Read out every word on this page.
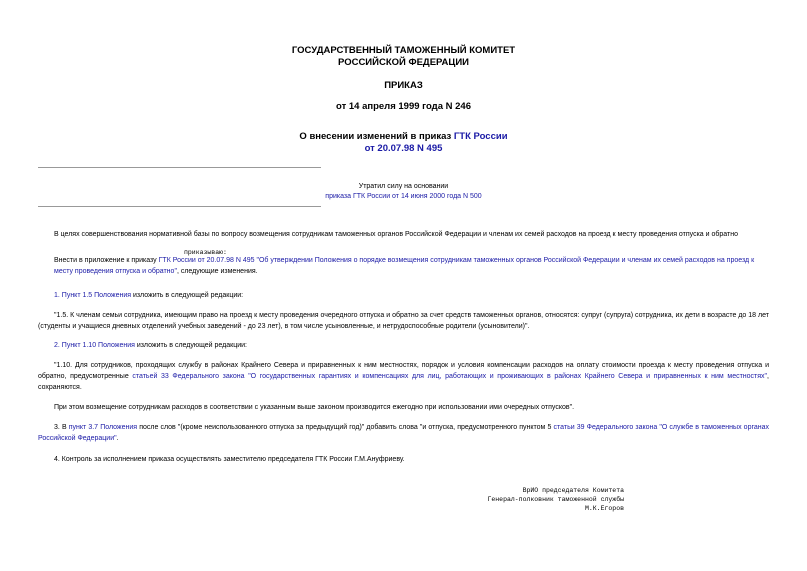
ГОСУДАРСТВЕННЫЙ ТАМОЖЕННЫЙ КОМИТЕТ
РОССИЙСКОЙ ФЕДЕРАЦИИ
ПРИКАЗ
от 14 апреля 1999 года N 246
О внесении изменений в приказ ГТК России
от 20.07.98 N 495
Утратил силу на основании
приказа ГТК России от 14 июня 2000 года N 500
В целях совершенствования нормативной базы по вопросу возмещения сотрудникам таможенных органов Российской Федерации и членам их семей расходов на проезд к месту проведения отпуска и обратно
приказываю:
Внести в приложение к приказу ГТК России от 20.07.98 N 495 "Об утверждении Положения о порядке возмещения сотрудникам таможенных органов Российской Федерации и членам их семей расходов на проезд к месту проведения отпуска и обратно", следующие изменения.
1. Пункт 1.5 Положения изложить в следующей редакции:
"1.5. К членам семьи сотрудника, имеющим право на проезд к месту проведения очередного отпуска и обратно за счет средств таможенных органов, относятся: супруг (супруга) сотрудника, их дети в возрасте до 18 лет (студенты и учащиеся дневных отделений учебных заведений - до 23 лет), в том числе усыновленные, и нетрудоспособные родители (усыновители)".
2. Пункт 1.10 Положения изложить в следующей редакции:
"1.10. Для сотрудников, проходящих службу в районах Крайнего Севера и приравненных к ним местностях, порядок и условия компенсации расходов на оплату стоимости проезда к месту проведения отпуска и обратно, предусмотренные статьей 33 Федерального закона "О государственных гарантиях и компенсациях для лиц, работающих и проживающих в районах Крайнего Севера и приравненных к ним местностях", сохраняются.
При этом возмещение сотрудникам расходов в соответствии с указанным выше законом производится ежегодно при использовании ими очередных отпусков".
3. В пункт 3.7 Положения после слов "(кроме неиспользованного отпуска за предыдущий год)" добавить слова "и отпуска, предусмотренного пунктом 5 статьи 39 Федерального закона "О службе в таможенных органах Российской Федерации".
4. Контроль за исполнением приказа осуществлять заместителю председателя ГТК России Г.М.Ануфриеву.
ВрИО председателя Комитета
Генерал-полковник таможенной службы
М.К.Егоров
